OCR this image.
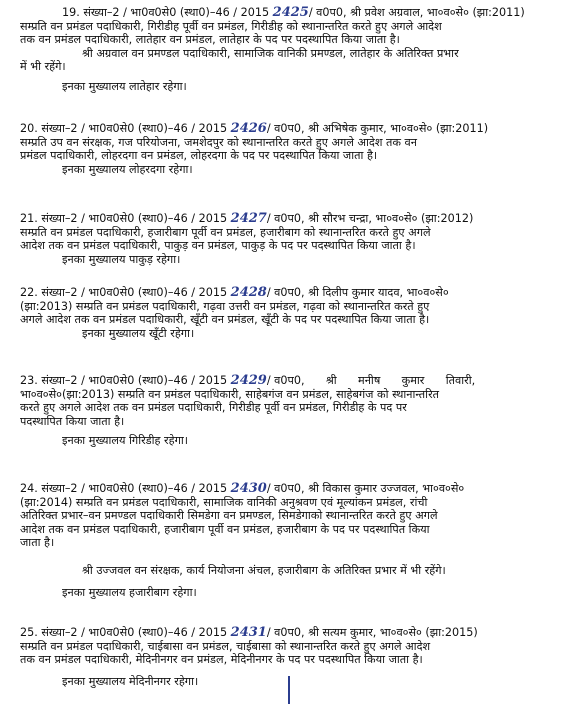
19. संख्या–2 / भा0व0से0 (स्था0)–46 / 2015 2425/ व0प0, श्री प्रवेश अग्रवाल, भा०व०से० (झा:2011)
सम्प्रति वन प्रमंडल पदाधिकारी, गिरीडीह पूर्वी वन प्रमंडल, गिरीडीह को स्थानान्तरित करते हुए अगले आदेश
तक वन प्रमंडल पदाधिकारी, लातेहार वन प्रमंडल, लातेहार के पद पर पदस्थापित किया जाता है।
श्री अग्रवाल वन प्रमण्डल पदाधिकारी, सामाजिक वानिकी प्रमण्डल, लातेहार के अतिरिक्त प्रभार
में भी रहेंगे।
इनका मुख्यालय लातेहार रहेगा।
20. संख्या–2 / भा0व0से0 (स्था0)–46 / 2015 2426/ व0प0, श्री अभिषेक कुमार, भा०व०से० (झा:2011)
सम्प्रति उप वन संरक्षक, गज परियोजना, जमशेदपुर को स्थानान्तरित करते हुए अगले आदेश तक वन
प्रमंडल पदाधिकारी, लोहरदगा वन प्रमंडल, लोहरदगा के पद पर पदस्थापित किया जाता है।
इनका मुख्यालय लोहरदगा रहेगा।
21. संख्या–2 / भा0व0से0 (स्था0)–46 / 2015 2427/ व0प0, श्री सौरभ चन्द्रा, भा०व०से० (झा:2012)
सम्प्रति वन प्रमंडल पदाधिकारी, हजारीबाग पूर्वी वन प्रमंडल, हजारीबाग को स्थानान्तरित करते हुए अगले
आदेश तक वन प्रमंडल पदाधिकारी, पाकुड़ वन प्रमंडल, पाकुड़ के पद पर पदस्थापित किया जाता है।
इनका मुख्यालय पाकुड़ रहेगा।
22. संख्या–2 / भा0व0से0 (स्था0)–46 / 2015 2428/ व0प0, श्री दिलीप कुमार यादव, भा०व०से०
(झा:2013) सम्प्रति वन प्रमंडल पदाधिकारी, गढ़वा उत्तरी वन प्रमंडल, गढ़वा को स्थानान्तरित करते हुए
अगले आदेश तक वन प्रमंडल पदाधिकारी, खूँटी वन प्रमंडल, खूँटी के पद पर पदस्थापित किया जाता है।
इनका मुख्यालय खूँटी रहेगा।
23. संख्या–2 / भा0व0से0 (स्था0)–46 / 2015 2429/ व0प0,      श्री      मनीष      कुमार      तिवारी,
भा०व०से०(झा:2013) सम्प्रति वन प्रमंडल पदाधिकारी, साहेबगंज वन प्रमंडल, साहेबगंज को स्थानान्तरित
करते हुए अगले आदेश तक वन प्रमंडल पदाधिकारी, गिरीडीह पूर्वी वन प्रमंडल, गिरीडीह के पद पर
पदस्थापित किया जाता है।
इनका मुख्यालय गिरिडीह रहेगा।
24. संख्या–2 / भा0व0से0 (स्था0)–46 / 2015 2430/ व0प0, श्री विकास कुमार उज्जवल, भा०व०से०
(झा:2014) सम्प्रति वन प्रमंडल पदाधिकारी, सामाजिक वानिकी अनुश्रवण एवं मूल्यांकन प्रमंडल, रांची
अतिरिक्त प्रभार–वन प्रमण्डल पदाधिकारी सिमडेगा वन प्रमण्डल, सिमडेगाको स्थानान्तरित करते हुए अगले
आदेश तक वन प्रमंडल पदाधिकारी, हजारीबाग पूर्वी वन प्रमंडल, हजारीबाग के पद पर पदस्थापित किया
जाता है।
श्री उज्जवल वन संरक्षक, कार्य नियोजना अंचल, हजारीबाग के अतिरिक्त प्रभार में भी रहेंगे।
इनका मुख्यालय हजारीबाग रहेगा।
25. संख्या–2 / भा0व0से0 (स्था0)–46 / 2015 2431/ व0प0, श्री सत्यम कुमार, भा०व०से० (झा:2015)
सम्प्रति वन प्रमंडल पदाधिकारी, चाईबासा वन प्रमंडल, चाईबासा को स्थानान्तरित करते हुए अगले आदेश
तक वन प्रमंडल पदाधिकारी, मेदिनीनगर वन प्रमंडल, मेदिनीनगर के पद पर पदस्थापित किया जाता है।
इनका मुख्यालय मेदिनीनगर रहेगा।
